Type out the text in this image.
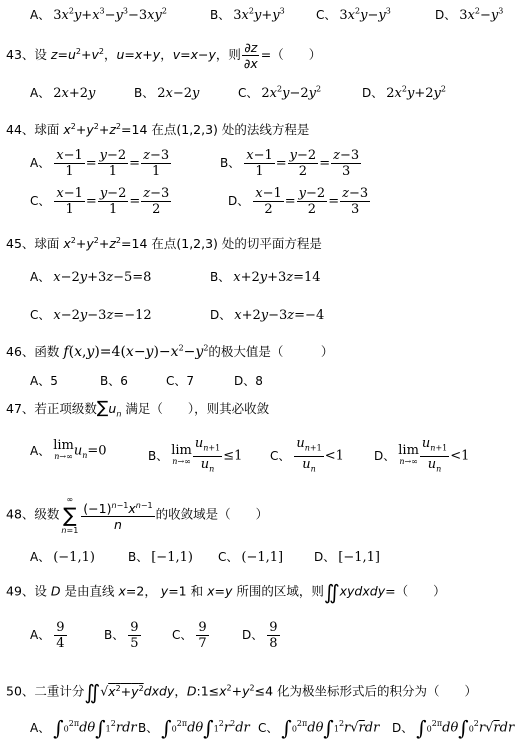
A、 $3x^2y+x^3-y^3-3xy^2$	B、 $3x^2y+y^3$	C、 $3x^2y-y^3$	D、 $3x^2-y^3$
43、设 $z=u^2+v^2$，u=x+y，v=x−y，则 $\frac{\partial z}{\partial x}$ =（　　）
A、 2x+2y	B、 2x−2y	C、 $2x^2y-2y^2$	D、 $2x^2y+2y^2$
44、球面 $x^2+y^2+z^2=14$ 在点(1,2,3) 处的法线方程是
A、 $\frac{x-1}{1} = \frac{y-2}{1} = \frac{z-3}{1}$	B、 $\frac{x-1}{1} = \frac{y-2}{2} = \frac{z-3}{3}$
C、 $\frac{x-1}{1} = \frac{y-2}{1} = \frac{z-3}{2}$	D、 $\frac{x-1}{2} = \frac{y-2}{2} = \frac{z-3}{3}$
45、球面 $x^2+y^2+z^2=14$ 在点(1,2,3) 处的切平面方程是
A、 x−2y+3z−5=8	B、 x+2y+3z=14
C、 x−2y−3z=−12	D、 x+2y−3z=−4
46、函数 $f(x,y)=4(x-y)-x^2-y^2$的极大值是（　　　）
A、5	B、6	C、7	D、8
47、若正项级数$\sum u_n$ 满足（　　），则其必收敛
A、 lim
n→∞ $u_n=0$	B、 lim
$n\to\infty \frac{u_{n+1}}{u_n} \le 1$ C、 $\frac{u_{n+1}}{u_n} <1$	D、 lim
$n\to\infty \frac{u_{n+1}}{u_n} <1$
48、级数
∞
∑
$n=1 \frac{(-1)^{n-1}x^{n-1}}{n}$ 的收敛域是（　　）
A、 (−1,1)	B、 [−1,1) C、 (−1,1]	D、 [−1,1]
49、设 D 是由直线 x=2， y=1 和 x=y 所围的区域，则∬xydxdy=（　　）
A、 $\frac{9}{4}$	B、 $\frac{9}{5}$	C、 $\frac{9}{7}$	D、 $\frac{9}{8}$
50、二重计分$∬√x^2+y^2dxdy$，$D:1\le x^2+y^2\le 4$ 化为极坐标形式后的积分为（　　）
A、 $\int 0^{2\pi}d\theta\int 1^2rdr$ B、 $\int 0^{2\pi}d\theta\int 1^2r^2dr$ C、 $\int 0^{2\pi}d\theta\int 1^2r√rdr$ D、 $\int 0^{2\pi}d\theta\int 0^2r√rdr$
